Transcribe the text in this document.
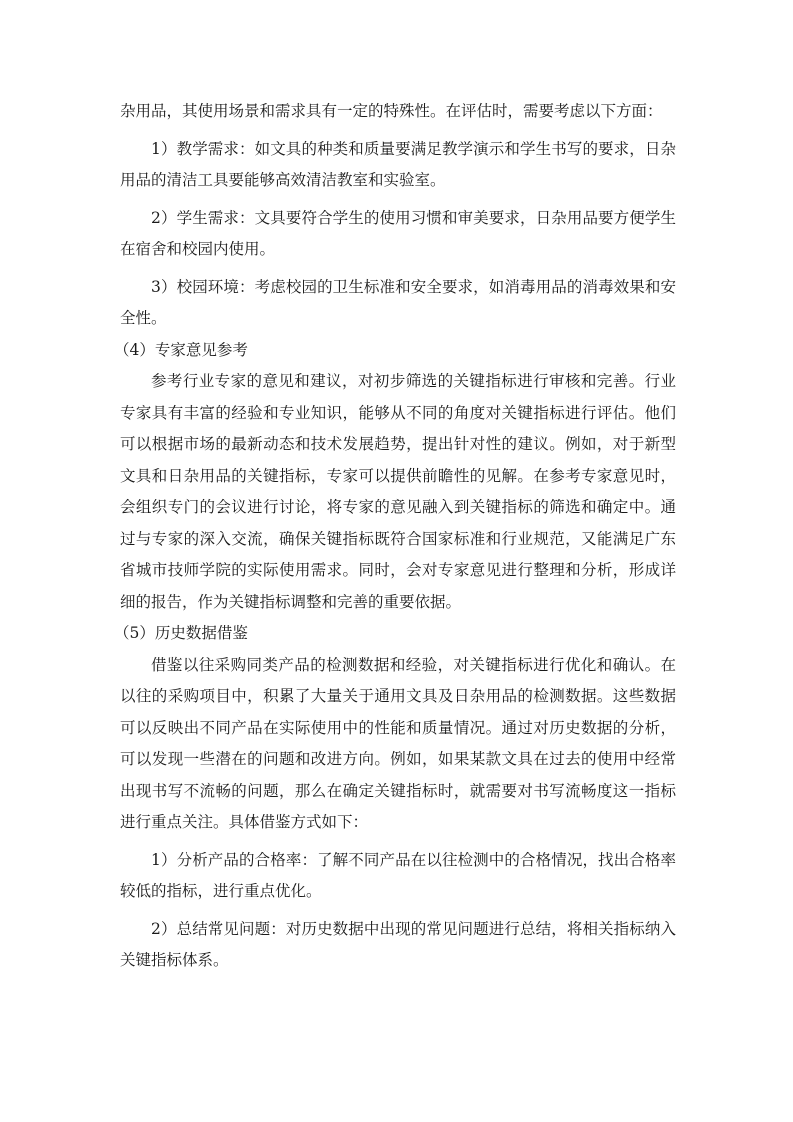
杂用品，其使用场景和需求具有一定的特殊性。在评估时，需要考虑以下方面：

1）教学需求：如文具的种类和质量要满足教学演示和学生书写的要求，日杂用品的清洁工具要能够高效清洁教室和实验室。

2）学生需求：文具要符合学生的使用习惯和审美要求，日杂用品要方便学生在宿舍和校园内使用。

3）校园环境：考虑校园的卫生标准和安全要求，如消毒用品的消毒效果和安全性。

（4）专家意见参考

参考行业专家的意见和建议，对初步筛选的关键指标进行审核和完善。行业专家具有丰富的经验和专业知识，能够从不同的角度对关键指标进行评估。他们可以根据市场的最新动态和技术发展趋势，提出针对性的建议。例如，对于新型文具和日杂用品的关键指标，专家可以提供前瞻性的见解。在参考专家意见时，会组织专门的会议进行讨论，将专家的意见融入到关键指标的筛选和确定中。通过与专家的深入交流，确保关键指标既符合国家标准和行业规范，又能满足广东省城市技师学院的实际使用需求。同时，会对专家意见进行整理和分析，形成详细的报告，作为关键指标调整和完善的重要依据。

（5）历史数据借鉴

借鉴以往采购同类产品的检测数据和经验，对关键指标进行优化和确认。在以往的采购项目中，积累了大量关于通用文具及日杂用品的检测数据。这些数据可以反映出不同产品在实际使用中的性能和质量情况。通过对历史数据的分析，可以发现一些潜在的问题和改进方向。例如，如果某款文具在过去的使用中经常出现书写不流畅的问题，那么在确定关键指标时，就需要对书写流畅度这一指标进行重点关注。具体借鉴方式如下：

1）分析产品的合格率：了解不同产品在以往检测中的合格情况，找出合格率较低的指标，进行重点优化。

2）总结常见问题：对历史数据中出现的常见问题进行总结，将相关指标纳入关键指标体系。
